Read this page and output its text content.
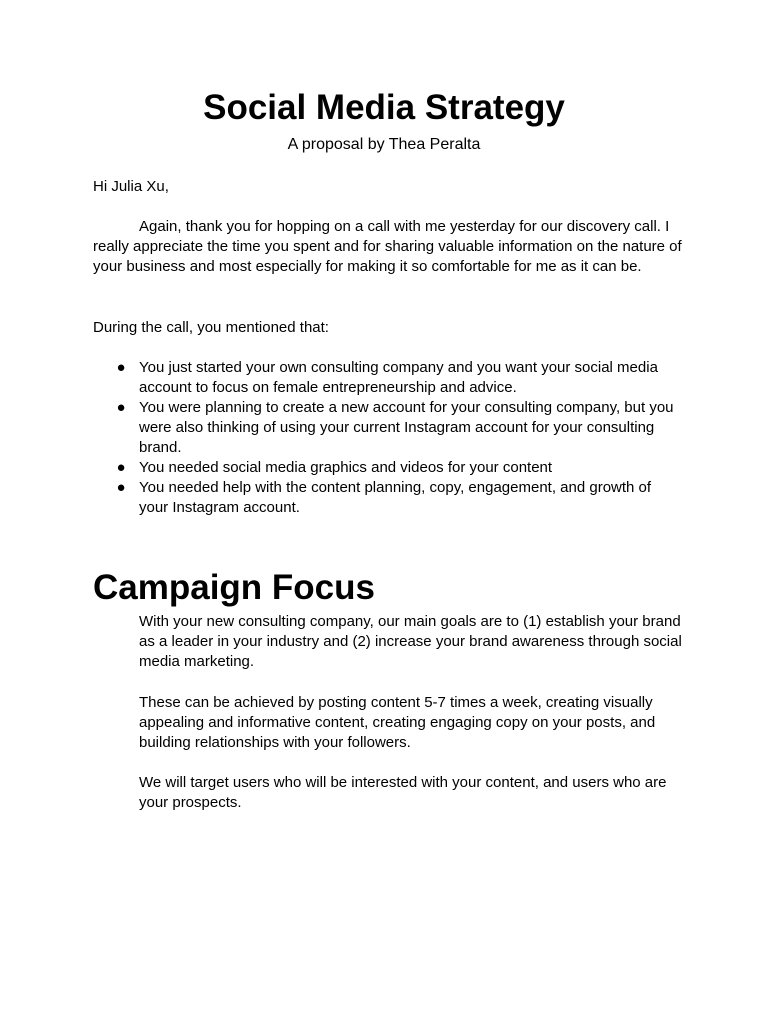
Social Media Strategy

A proposal by Thea Peralta

Hi Julia Xu,

Again, thank you for hopping on a call with me yesterday for our discovery call. I really appreciate the time you spent and for sharing valuable information on the nature of your business and most especially for making it so comfortable for me as it can be.

During the call, you mentioned that:

● You just started your own consulting company and you want your social media account to focus on female entrepreneurship and advice.
● You were planning to create a new account for your consulting company, but you were also thinking of using your current Instagram account for your consulting brand.
● You needed social media graphics and videos for your content
● You needed help with the content planning, copy, engagement, and growth of your Instagram account.
Campaign Focus

With your new consulting company, our main goals are to (1) establish your brand as a leader in your industry and (2) increase your brand awareness through social media marketing.

These can be achieved by posting content 5-7 times a week, creating visually appealing and informative content, creating engaging copy on your posts, and building relationships with your followers.

We will target users who will be interested with your content, and users who are your prospects.
